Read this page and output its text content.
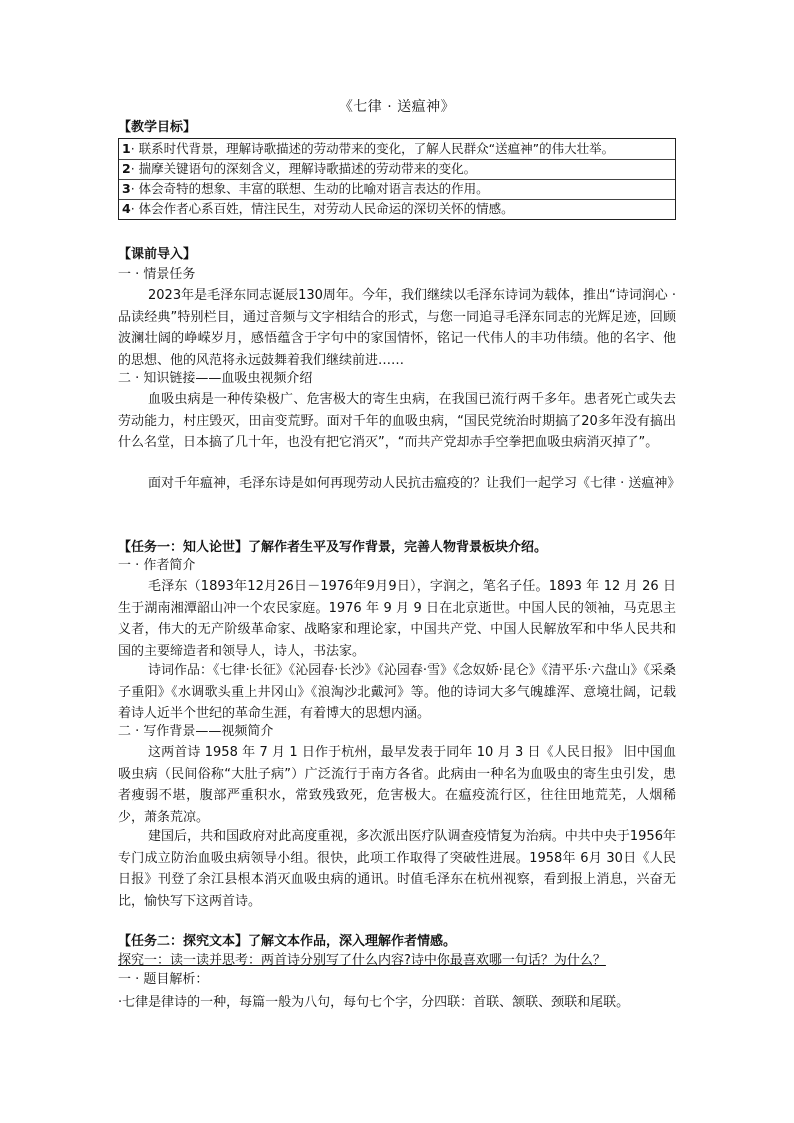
《七律 · 送瘟神》
【教学目标】
1· 联系时代背景，理解诗歌描述的劳动带来的变化，了解人民群众“送瘟神”的伟大壮举。
2· 揣摩关键语句的深刻含义，理解诗歌描述的劳动带来的变化。
3· 体会奇特的想象、丰富的联想、生动的比喻对语言表达的作用。
4· 体会作者心系百姓，情注民生，对劳动人民命运的深切关怀的情感。
【课前导入】
一 · 情景任务
2023年是毛泽东同志诞辰130周年。今年，我们继续以毛泽东诗词为载体，推出“诗词润心 · 品读经典”特别栏目，通过音频与文字相结合的形式，与您一同追寻毛泽东同志的光辉足迹，回顾波澜壮阔的峥嵘岁月，感悟蕴含于字句中的家国情怀，铭记一代伟人的丰功伟绩。他的名字、他的思想、他的风范将永远鼓舞着我们继续前进……
二 · 知识链接——血吸虫视频介绍
血吸虫病是一种传染极广、危害极大的寄生虫病，在我国已流行两千多年。患者死亡或失去劳动能力，村庄毁灭，田亩变荒野。面对千年的血吸虫病，“国民党统治时期搞了20多年没有搞出什么名堂，日本搞了几十年，也没有把它消灭”，“而共产党却赤手空拳把血吸虫病消灭掉了”。
面对千年瘟神，毛泽东诗是如何再现劳动人民抗击瘟疫的？让我们一起学习《七律 · 送瘟神》
【任务一：知人论世】了解作者生平及写作背景，完善人物背景板块介绍。
一 · 作者简介
毛泽东（1893年12月26日－1976年9月9日），字润之，笔名子任。1893 年 12 月 26 日生于湖南湘潭韶山冲一个农民家庭。1976 年 9 月 9 日在北京逝世。中国人民的领袖，马克思主义者，伟大的无产阶级革命家、战略家和理论家，中国共产党、中国人民解放军和中华人民共和国的主要缔造者和领导人，诗人，书法家。
诗词作品：《七律·长征》《沁园春·长沙》《沁园春·雪》《念奴娇·昆仑》《清平乐·六盘山》《采桑子重阳》《水调歌头重上井冈山》《浪淘沙北戴河》等。他的诗词大多气魄雄浑、意境壮阔，记载着诗人近半个世纪的革命生涯，有着博大的思想内涵。
二 · 写作背景——视频简介
这两首诗 1958 年 7 月 1 日作于杭州，最早发表于同年 10 月 3 日《人民日报》 旧中国血吸虫病（民间俗称“大肚子病”）广泛流行于南方各省。此病由一种名为血吸虫的寄生虫引发，患者瘦弱不堪，腹部严重积水，常致残致死，危害极大。在瘟疫流行区，往往田地荒芜，人烟稀少，萧条荒凉。
建国后，共和国政府对此高度重视，多次派出医疗队调查疫情复为治病。中共中央于1956年专门成立防治血吸虫病领导小组。很快，此项工作取得了突破性进展。1958年 6月 30日《人民日报》刊登了余江县根本消灭血吸虫病的通讯。时值毛泽东在杭州视察，看到报上消息，兴奋无比，愉快写下这两首诗。
【任务二：探究文本】了解文本作品，深入理解作者情感。
探究一：读一读并思考：两首诗分别写了什么内容?诗中你最喜欢哪一句话？为什么？
一 · 题目解析：
·七律是律诗的一种，每篇一般为八句，每句七个字，分四联：首联、颔联、颈联和尾联。
